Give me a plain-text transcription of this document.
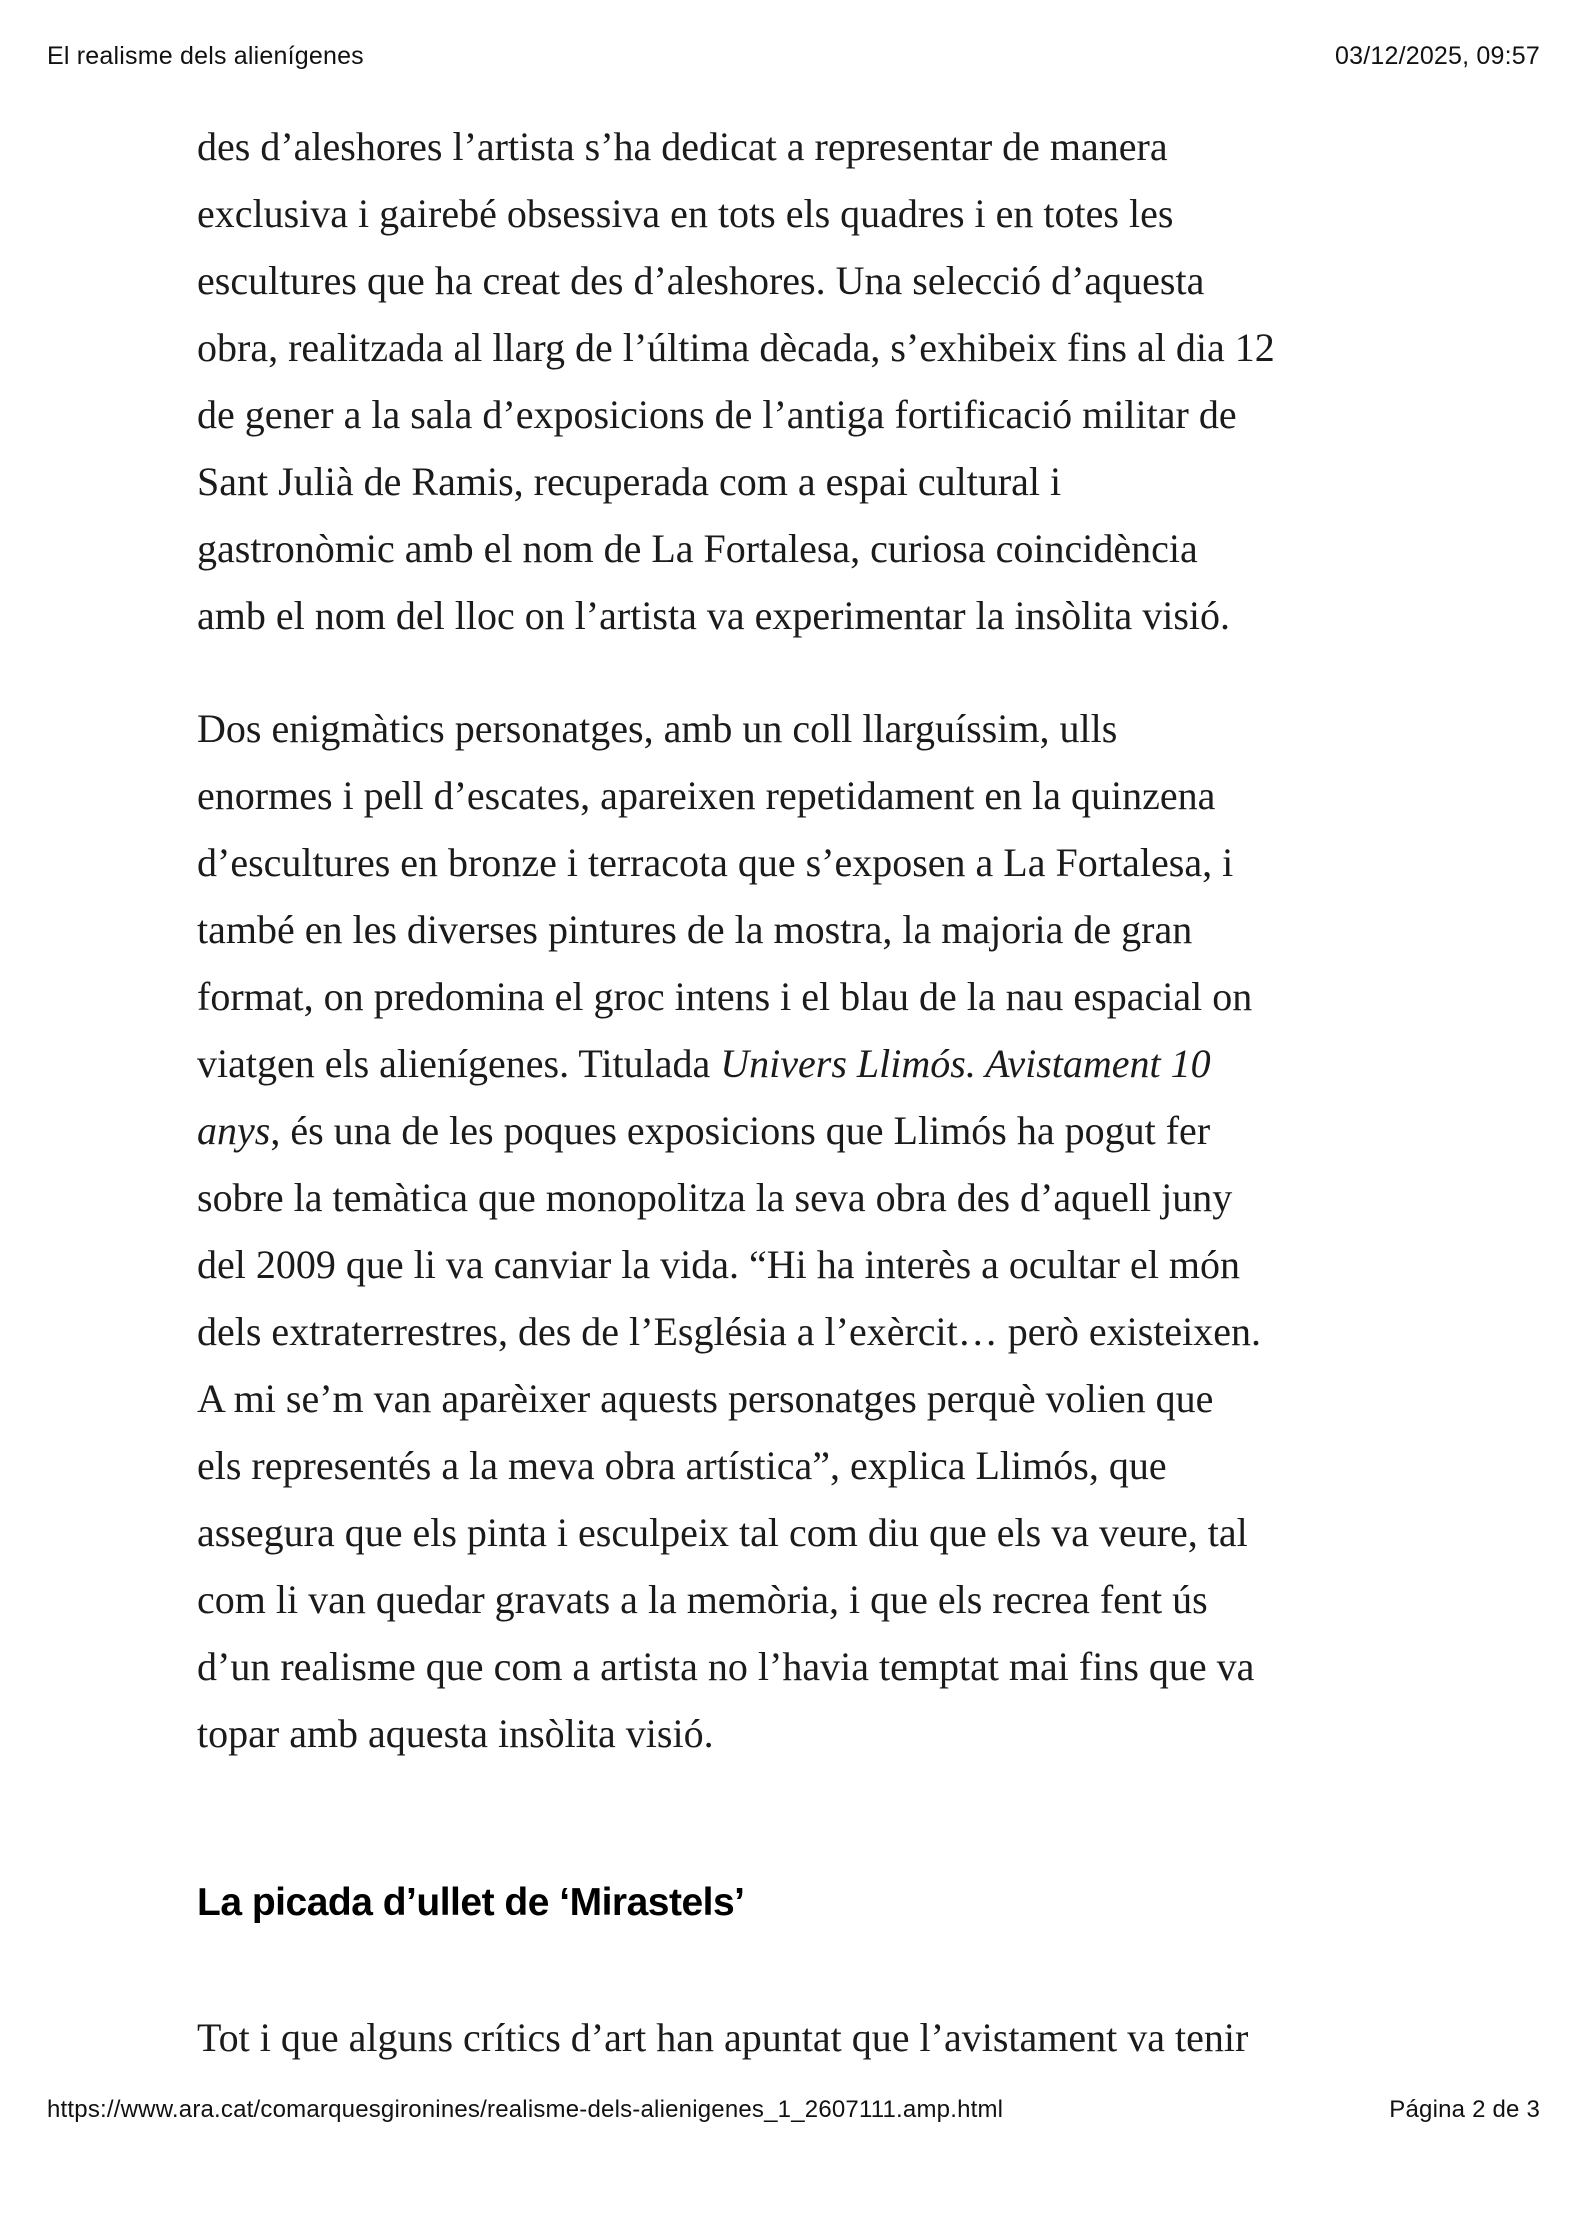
El realisme dels alienígenes	03/12/2025, 09:57

des d’aleshores l’artista s’ha dedicat a representar de manera
exclusiva i gairebé obsessiva en tots els quadres i en totes les
escultures que ha creat des d’aleshores. Una selecció d’aquesta
obra, realitzada al llarg de l’última dècada, s’exhibeix fins al dia 12
de gener a la sala d’exposicions de l’antiga fortificació militar de
Sant Julià de Ramis, recuperada com a espai cultural i
gastronòmic amb el nom de La Fortalesa, curiosa coincidència
amb el nom del lloc on l’artista va experimentar la insòlita visió.

Dos enigmàtics personatges, amb un coll llarguíssim, ulls
enormes i pell d’escates, apareixen repetidament en la quinzena
d’escultures en bronze i terracota que s’exposen a La Fortalesa, i
també en les diverses pintures de la mostra, la majoria de gran
format, on predomina el groc intens i el blau de la nau espacial on
viatgen els alienígenes. Titulada Univers Llimós. Avistament 10
anys, és una de les poques exposicions que Llimós ha pogut fer
sobre la temàtica que monopolitza la seva obra des d’aquell juny
del 2009 que li va canviar la vida. “Hi ha interès a ocultar el món
dels extraterrestres, des de l’Església a l’exèrcit… però existeixen.
A mi se’m van aparèixer aquests personatges perquè volien que
els representés a la meva obra artística”, explica Llimós, que
assegura que els pinta i esculpeix tal com diu que els va veure, tal
com li van quedar gravats a la memòria, i que els recrea fent ús
d’un realisme que com a artista no l’havia temptat mai fins que va
topar amb aquesta insòlita visió.

La picada d’ullet de ‘Mirastels’

Tot i que alguns crítics d’art han apuntat que l’avistament va tenir

https://www.ara.cat/comarquesgironines/realisme-dels-alienigenes_1_2607111.amp.html	Página 2 de 3
